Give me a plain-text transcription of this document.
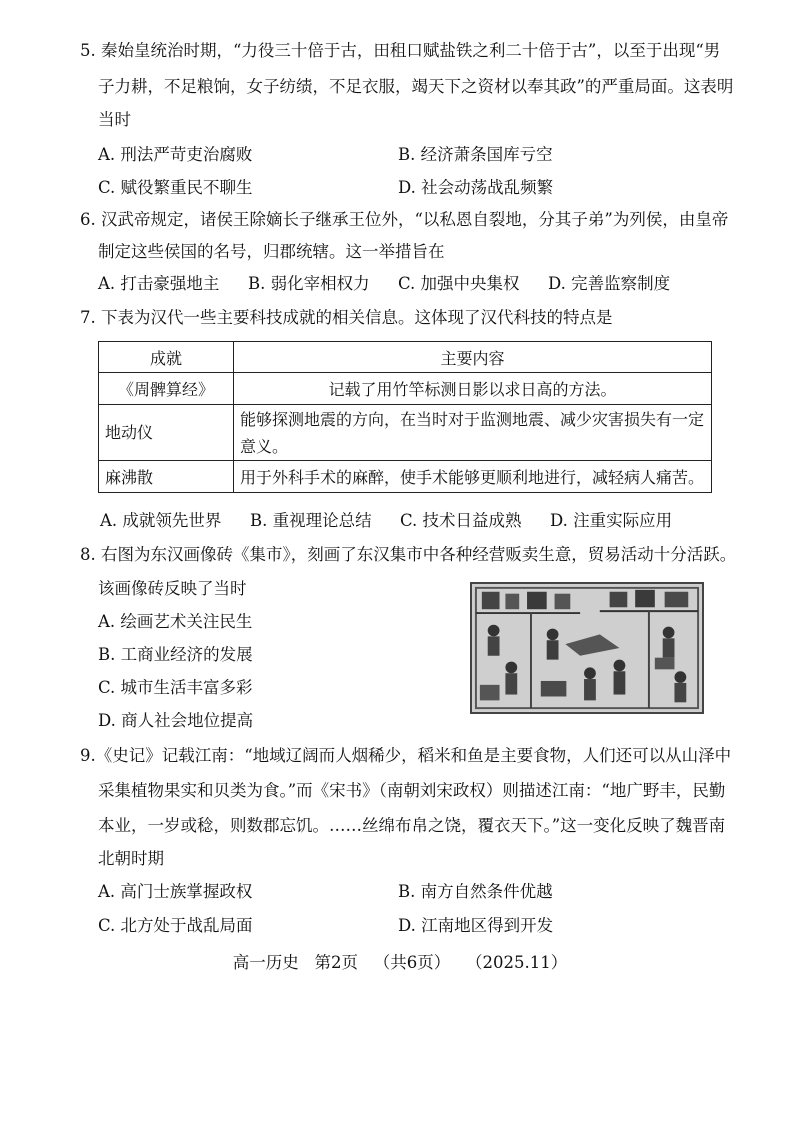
5. 秦始皇统治时期，“力役三十倍于古，田租口赋盐铁之利二十倍于古”，以至于出现“男
子力耕，不足粮饷，女子纺绩，不足衣服，竭天下之资材以奉其政”的严重局面。这表明
当时
A. 刑法严苛吏治腐败	B. 经济萧条国库亏空
C. 赋役繁重民不聊生	D. 社会动荡战乱频繁
6. 汉武帝规定，诸侯王除嫡长子继承王位外，“以私恩自裂地，分其子弟”为列侯，由皇帝
制定这些侯国的名号，归郡统辖。这一举措旨在
A. 打击豪强地主 B. 弱化宰相权力 C. 加强中央集权 D. 完善监察制度
7. 下表为汉代一些主要科技成就的相关信息。这体现了汉代科技的特点是
成就	主要内容
《周髀算经》	记载了用竹竿标测日影以求日高的方法。
地动仪	能够探测地震的方向，在当时对于监测地震、减少灾害损失有一定
意义。

麻沸散	用于外科手术的麻醉，使手术能够更顺利地进行，减轻病人痛苦。
A. 成就领先世界 B. 重视理论总结 C. 技术日益成熟 D. 注重实际应用
8. 右图为东汉画像砖《集市》，刻画了东汉集市中各种经营贩卖生意，贸易活动十分活跃。
该画像砖反映了当时
A. 绘画艺术关注民生
B. 工商业经济的发展
C. 城市生活丰富多彩
D. 商人社会地位提高
9.《史记》记载江南：“地域辽阔而人烟稀少，稻米和鱼是主要食物，人们还可以从山泽中
采集植物果实和贝类为食。”而《宋书》（南朝刘宋政权）则描述江南：“地广野丰，民勤
本业，一岁或稔，则数郡忘饥。……丝绵布帛之饶，覆衣天下。”这一变化反映了魏晋南
北朝时期
A. 高门士族掌握政权	B. 南方自然条件优越
C. 北方处于战乱局面	D. 江南地区得到开发
高一历史   第2页   （共6页）   （2025.11）
